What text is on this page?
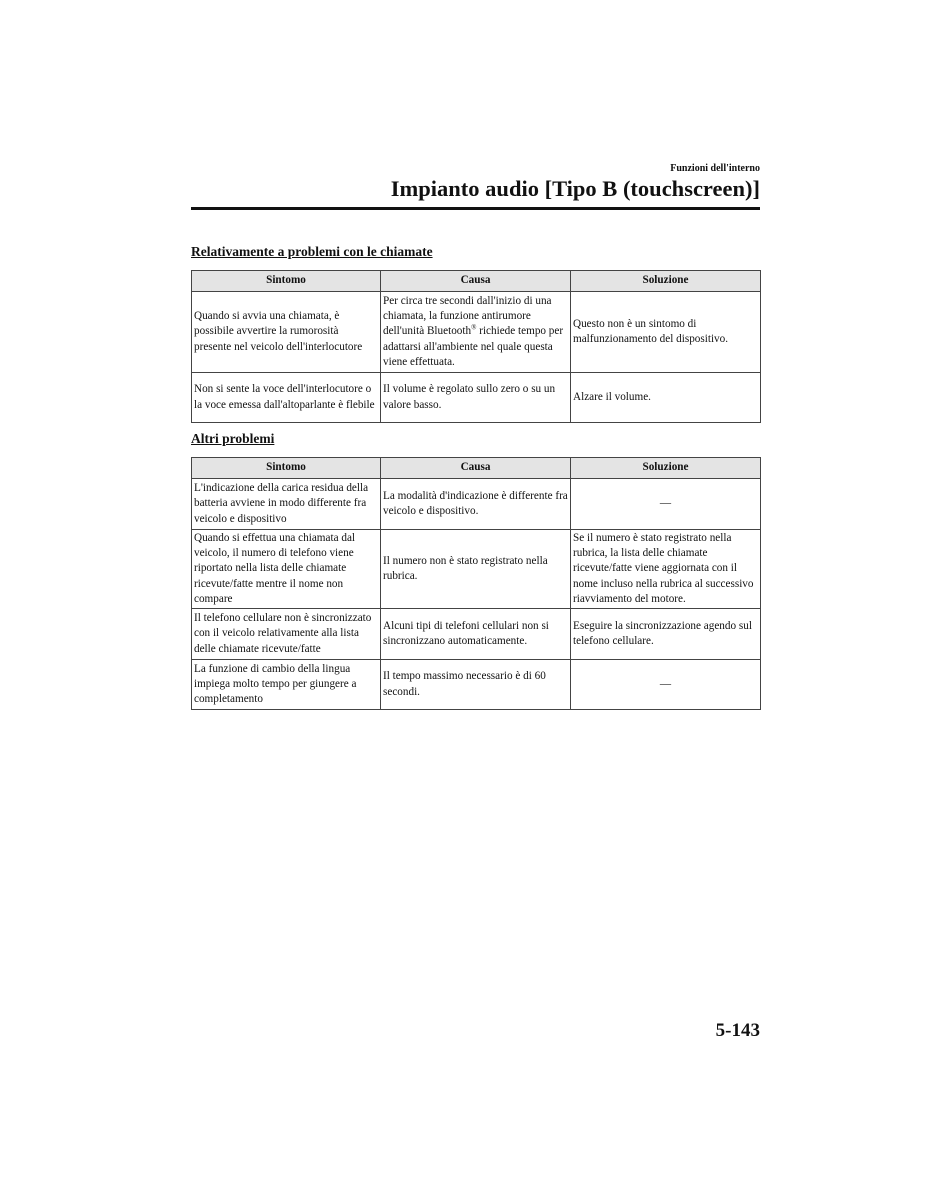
Funzioni dell'interno
Impianto audio [Tipo B (touchscreen)]
Relativamente a problemi con le chiamate
Sintomo	Causa	Soluzione
Quando si avvia una chiamata, è possibile avvertire la rumorosità presente nel veicolo dell'interlocutore	Per circa tre secondi dall'inizio di una chiamata, la funzione antirumore dell'unità Bluetooth® richiede tempo per adattarsi all'ambiente nel quale questa viene effettuata.	Questo non è un sintomo di malfunzionamento del dispositivo.
Non si sente la voce dell'interlocutore o la voce emessa dall'altoparlante è flebile	Il volume è regolato sullo zero o su un valore basso.	Alzare il volume.
Altri problemi
Sintomo	Causa	Soluzione
L'indicazione della carica residua della batteria avviene in modo differente fra veicolo e dispositivo	La modalità d'indicazione è differente fra veicolo e dispositivo.	—
Quando si effettua una chiamata dal veicolo, il numero di telefono viene riportato nella lista delle chiamate ricevute/fatte mentre il nome non compare	Il numero non è stato registrato nella rubrica.	Se il numero è stato registrato nella rubrica, la lista delle chiamate ricevute/fatte viene aggiornata con il nome incluso nella rubrica al successivo riavviamento del motore.
Il telefono cellulare non è sincronizzato con il veicolo relativamente alla lista delle chiamate ricevute/fatte	Alcuni tipi di telefoni cellulari non si sincronizzano automaticamente.	Eseguire la sincronizzazione agendo sul telefono cellulare.
La funzione di cambio della lingua impiega molto tempo per giungere a completamento	Il tempo massimo necessario è di 60 secondi.	—
5-143
